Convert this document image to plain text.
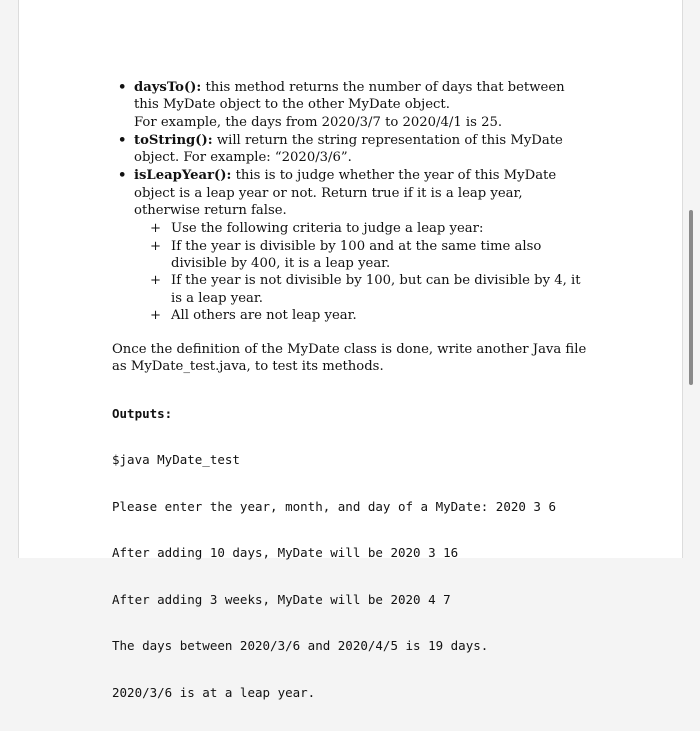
• daysTo(): this method returns the number of days that between
this MyDate object to the other MyDate object.
For example, the days from 2020/3/7 to 2020/4/1 is 25.
• toString(): will return the string representation of this MyDate
object. For example: “2020/3/6”.
• isLeapYear(): this is to judge whether the year of this MyDate
object is a leap year or not. Return true if it is a leap year,
otherwise return false.
+ Use the following criteria to judge a leap year:
+ If the year is divisible by 100 and at the same time also
divisible by 400, it is a leap year.
+ If the year is not divisible by 100, but can be divisible by 4, it
is a leap year.
+ All others are not leap year.
Once the definition of the MyDate class is done, write another Java file
as MyDate_test.java, to test its methods.
Outputs:

$java MyDate_test

Please enter the year, month, and day of a MyDate: 2020 3 6

After adding 10 days, MyDate will be 2020 3 16

After adding 3 weeks, MyDate will be 2020 4 7

The days between 2020/3/6 and 2020/4/5 is 19 days.

2020/3/6 is at a leap year.
